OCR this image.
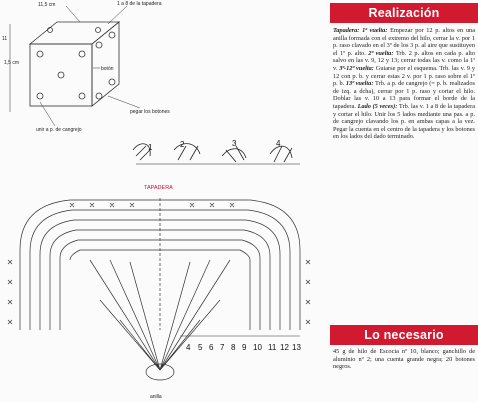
11,5 cm	1 a 8 de la tapadera
11
1,5 cm
botón
pegar los botones
unir a p. de cangrejo
1	2	3	4
TAPADERA
4 5 6 7 8 9 10 11 12 13
anilla
Realización
Tapadera: 1ª vuelta: Empezar por 12 p. altos en una anilla formada con el extremo del hilo, cerrar la v. por 1 p. raso clavado en el 3º de los 3 p. al aire que sustituyen el 1º p. alto. 2ª vuelta: Trb. 2 p. altos en cada p. alto salvo en las v. 9, 12 y 13; cerrar todas las v. como la 1ª v. 3ª-12ª vuelta: Guiarse por el esquema. Trb. las v. 9 y 12 con p. b. y cerrar estas 2 v. por 1 p. raso sobre el 1º p. b. 13ª vuelta: Trb. a p. de cangrejo (= p. b. realizados de izq. a dcha), cerrar por 1 p. raso y cortar el hilo. Doblar las v. 10 a 13 para formar el borde de la tapadera. Lado (5 veces): Trb. las v. 1 a 8 de la tapadera y cortar el hilo. Unir los 5 lados mediante una pas. a p. de cangrejo clavando los p. en ambas capas a la vez. Pegar la cuenta en el centro de la tapadera y los botones en los lados del dado terminado.
Lo necesario
45 g de hilo de Escocia nº 10, blanco; ganchillo de aluminio nº 2; una cuenta grande negra; 20 botones negros.
